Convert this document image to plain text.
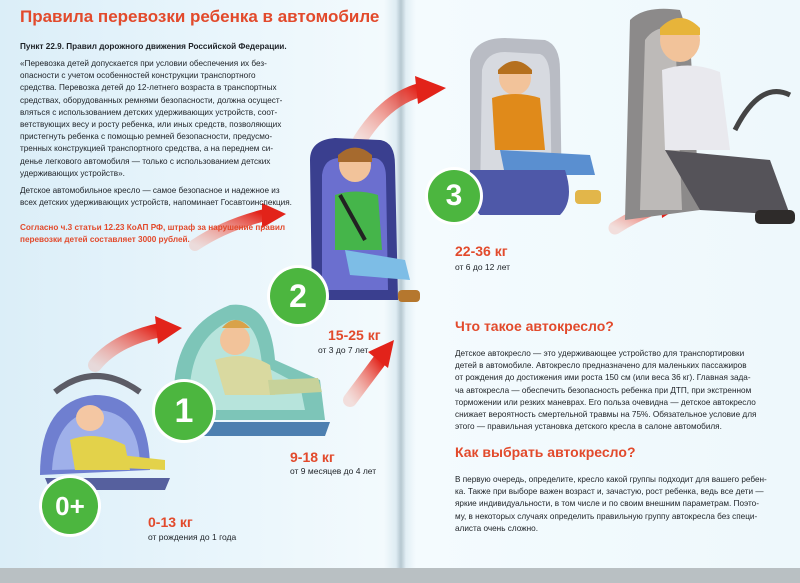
Правила перевозки ребенка в автомобиле

Пункт 22.9. Правил дорожного движения Российской Федерации.

«Перевозка детей допускается при условии обеспечения их без-
опасности с учетом особенностей конструкции транспортного
средства. Перевозка детей до 12-летнего возраста в транспортных
средствах, оборудованных ремнями безопасности, должна осущест-
вляться с использованием детских удерживающих устройств, соот-
ветствующих весу и росту ребенка, или иных средств, позволяющих
пристегнуть ребенка с помощью ремней безопасности, предусмо-
тренных конструкцией транспортного средства, а на переднем си-
денье легкового автомобиля — только с использованием детских
удерживающих устройств».
Детское автомобильное кресло — самое безопасное и надежное из
всех детских удерживающих устройств, напоминает Госавтоинспекция.
Согласно ч.3 статьи 12.23 КоАП РФ, штраф за нарушение правил
перевозки детей составляет 3000 рублей.
0+
1
2
3
0-13 кг
от рождения до 1 года
9-18 кг
от 9 месяцев до 4 лет
15-25 кг
от 3 до 7 лет
22-36 кг
от 6 до 12 лет
Что такое автокресло?
Детское автокресло — это удерживающее устройство для транспортировки
детей в автомобиле. Автокресло предназначено для маленьких пассажиров
от рождения до достижения ими роста 150 см (или веса 36 кг). Главная зада-
ча автокресла — обеспечить безопасность ребенка при ДТП, при экстренном
торможении или резких маневрах. Его польза очевидна — детское автокресло
снижает вероятность смертельной травмы на 75%. Обязательное условие для
этого — правильная установка детского кресла в салоне автомобиля.
Как выбрать автокресло?
В первую очередь, определите, кресло какой группы подходит для вашего ребен-
ка. Также при выборе важен возраст и, зачастую, рост ребенка, ведь все дети —
яркие индивидуальности, в том числе и по своим внешним параметрам. Поэто-
му, в некоторых случаях определить правильную группу автокресла без специ-
алиста очень сложно.
